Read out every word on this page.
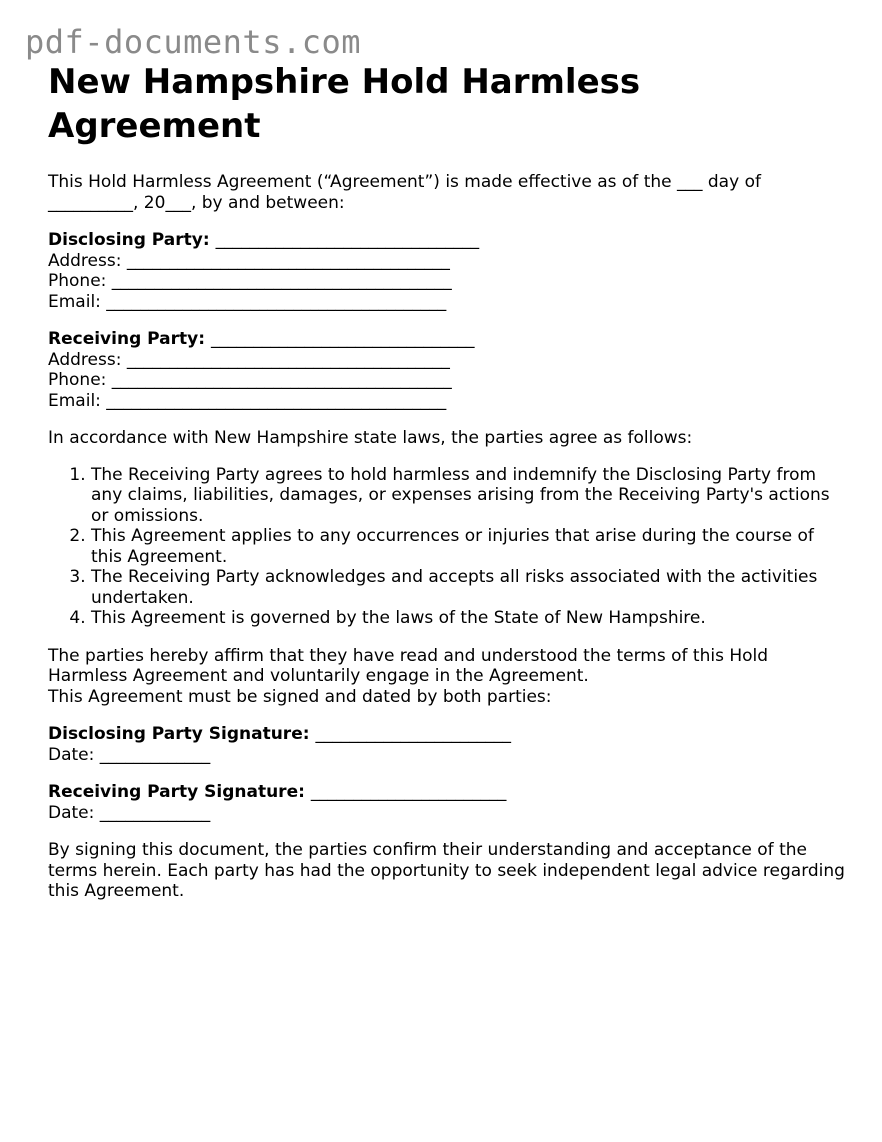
pdf-documents.com
New Hampshire Hold Harmless Agreement

This Hold Harmless Agreement (“Agreement”) is made effective as of the ___ day of __________, 20___, by and between:

Disclosing Party: _______________________________
Address: ______________________________________
Phone: ________________________________________
Email: ________________________________________
Receiving Party: _______________________________
Address: ______________________________________
Phone: ________________________________________
Email: ________________________________________

In accordance with New Hampshire state laws, the parties agree as follows:

1. The Receiving Party agrees to hold harmless and indemnify the Disclosing Party from any claims, liabilities, damages, or expenses arising from the Receiving Party's actions or omissions.
2. This Agreement applies to any occurrences or injuries that arise during the course of this Agreement.
3. The Receiving Party acknowledges and accepts all risks associated with the activities undertaken.
4. This Agreement is governed by the laws of the State of New Hampshire.

The parties hereby affirm that they have read and understood the terms of this Hold Harmless Agreement and voluntarily engage in the Agreement.

This Agreement must be signed and dated by both parties:

Disclosing Party Signature: _______________________
Date: _____________
Receiving Party Signature: _______________________
Date: _____________

By signing this document, the parties confirm their understanding and acceptance of the terms herein. Each party has had the opportunity to seek independent legal advice regarding this Agreement.
